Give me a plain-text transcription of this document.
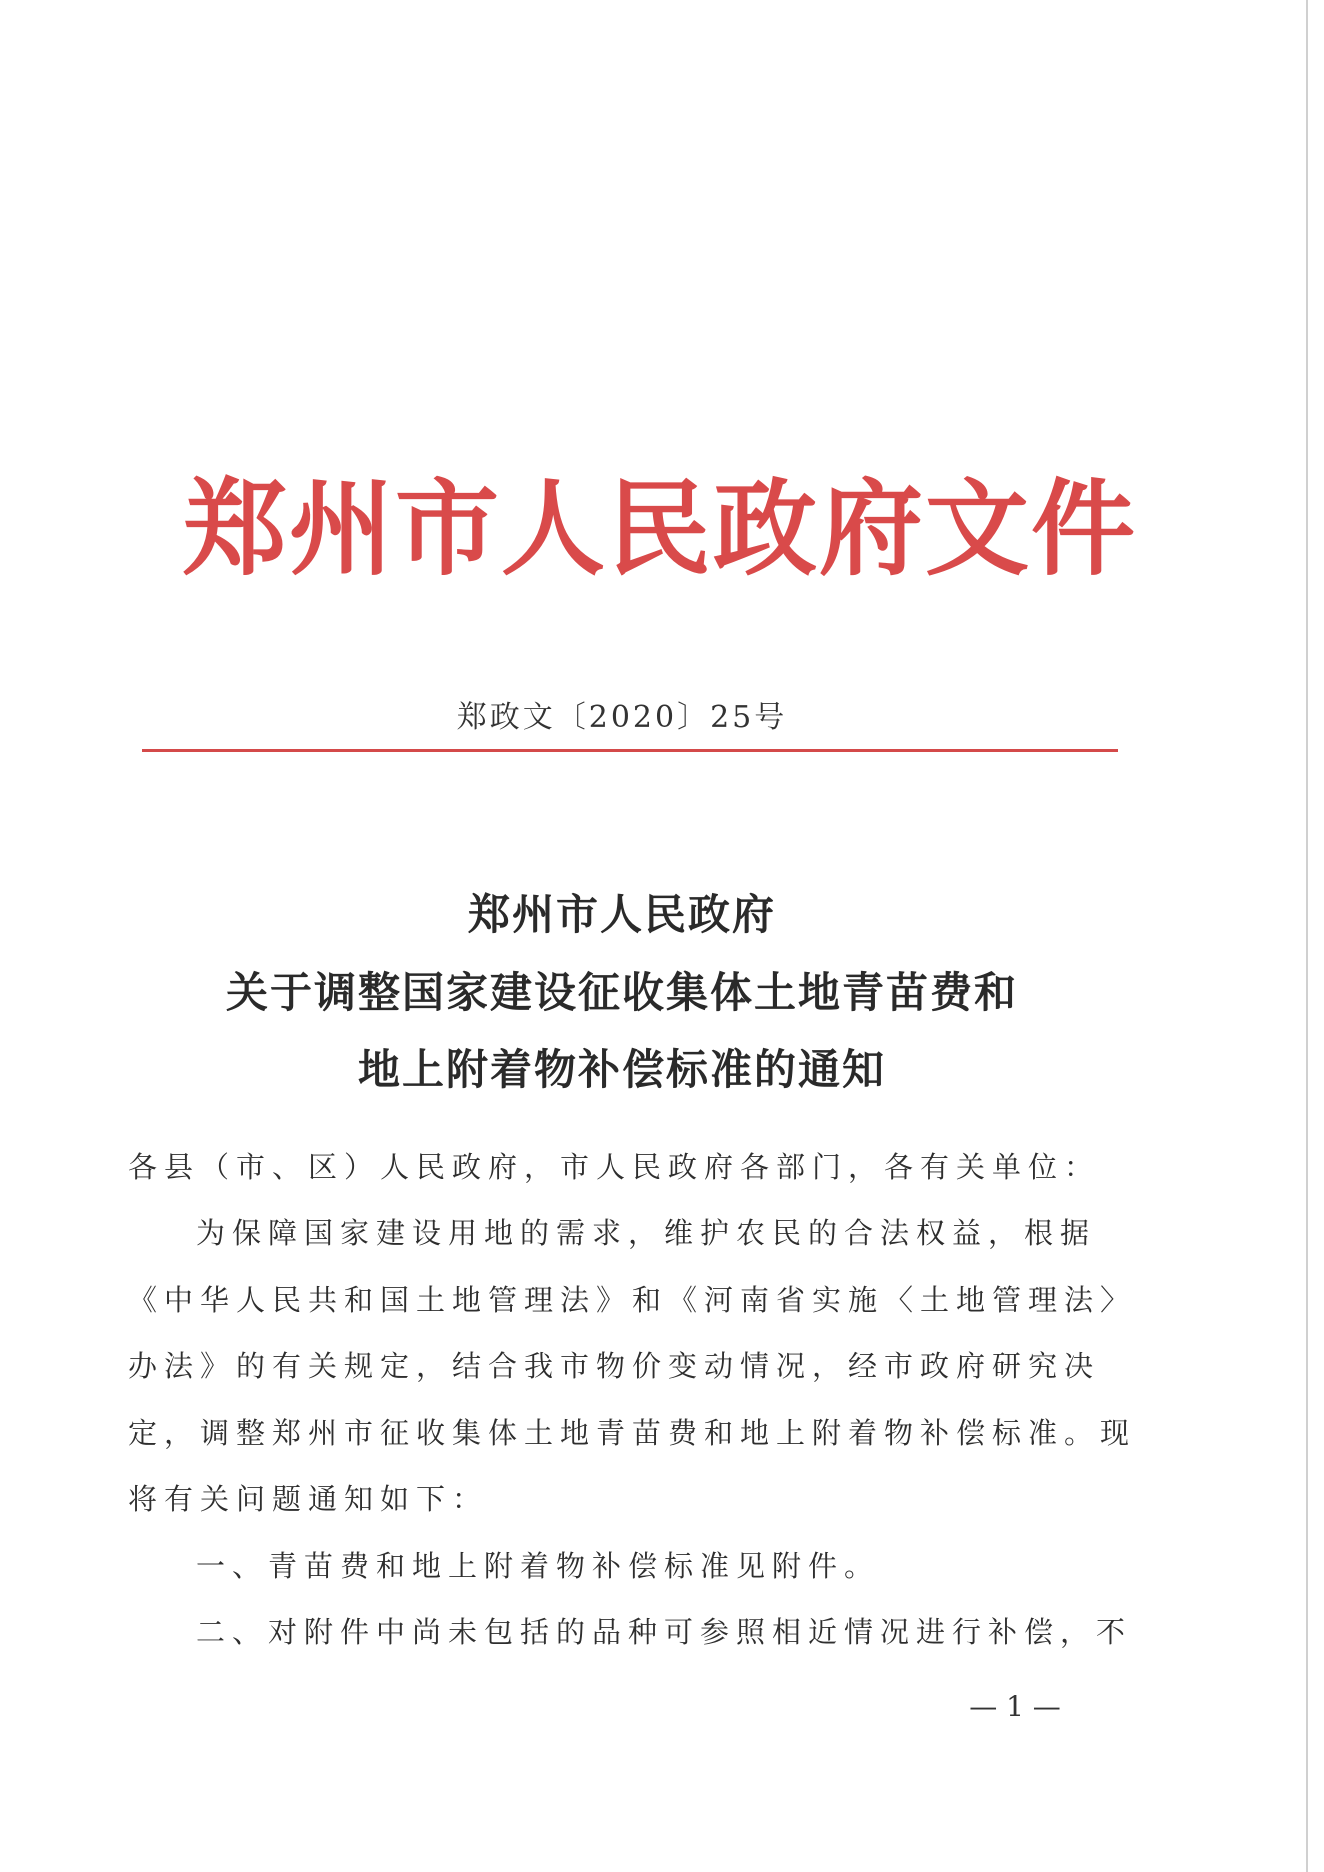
郑州市人民政府文件
郑政文〔2020〕25号
郑州市人民政府
关于调整国家建设征收集体土地青苗费和
地上附着物补偿标准的通知
各县（市、区）人民政府，市人民政府各部门，各有关单位：
为保障国家建设用地的需求，维护农民的合法权益，根据
《中华人民共和国土地管理法》和《河南省实施〈土地管理法〉
办法》的有关规定，结合我市物价变动情况，经市政府研究决
定，调整郑州市征收集体土地青苗费和地上附着物补偿标准。现
将有关问题通知如下：
一、青苗费和地上附着物补偿标准见附件。
二、对附件中尚未包括的品种可参照相近情况进行补偿，不
— 1 —
